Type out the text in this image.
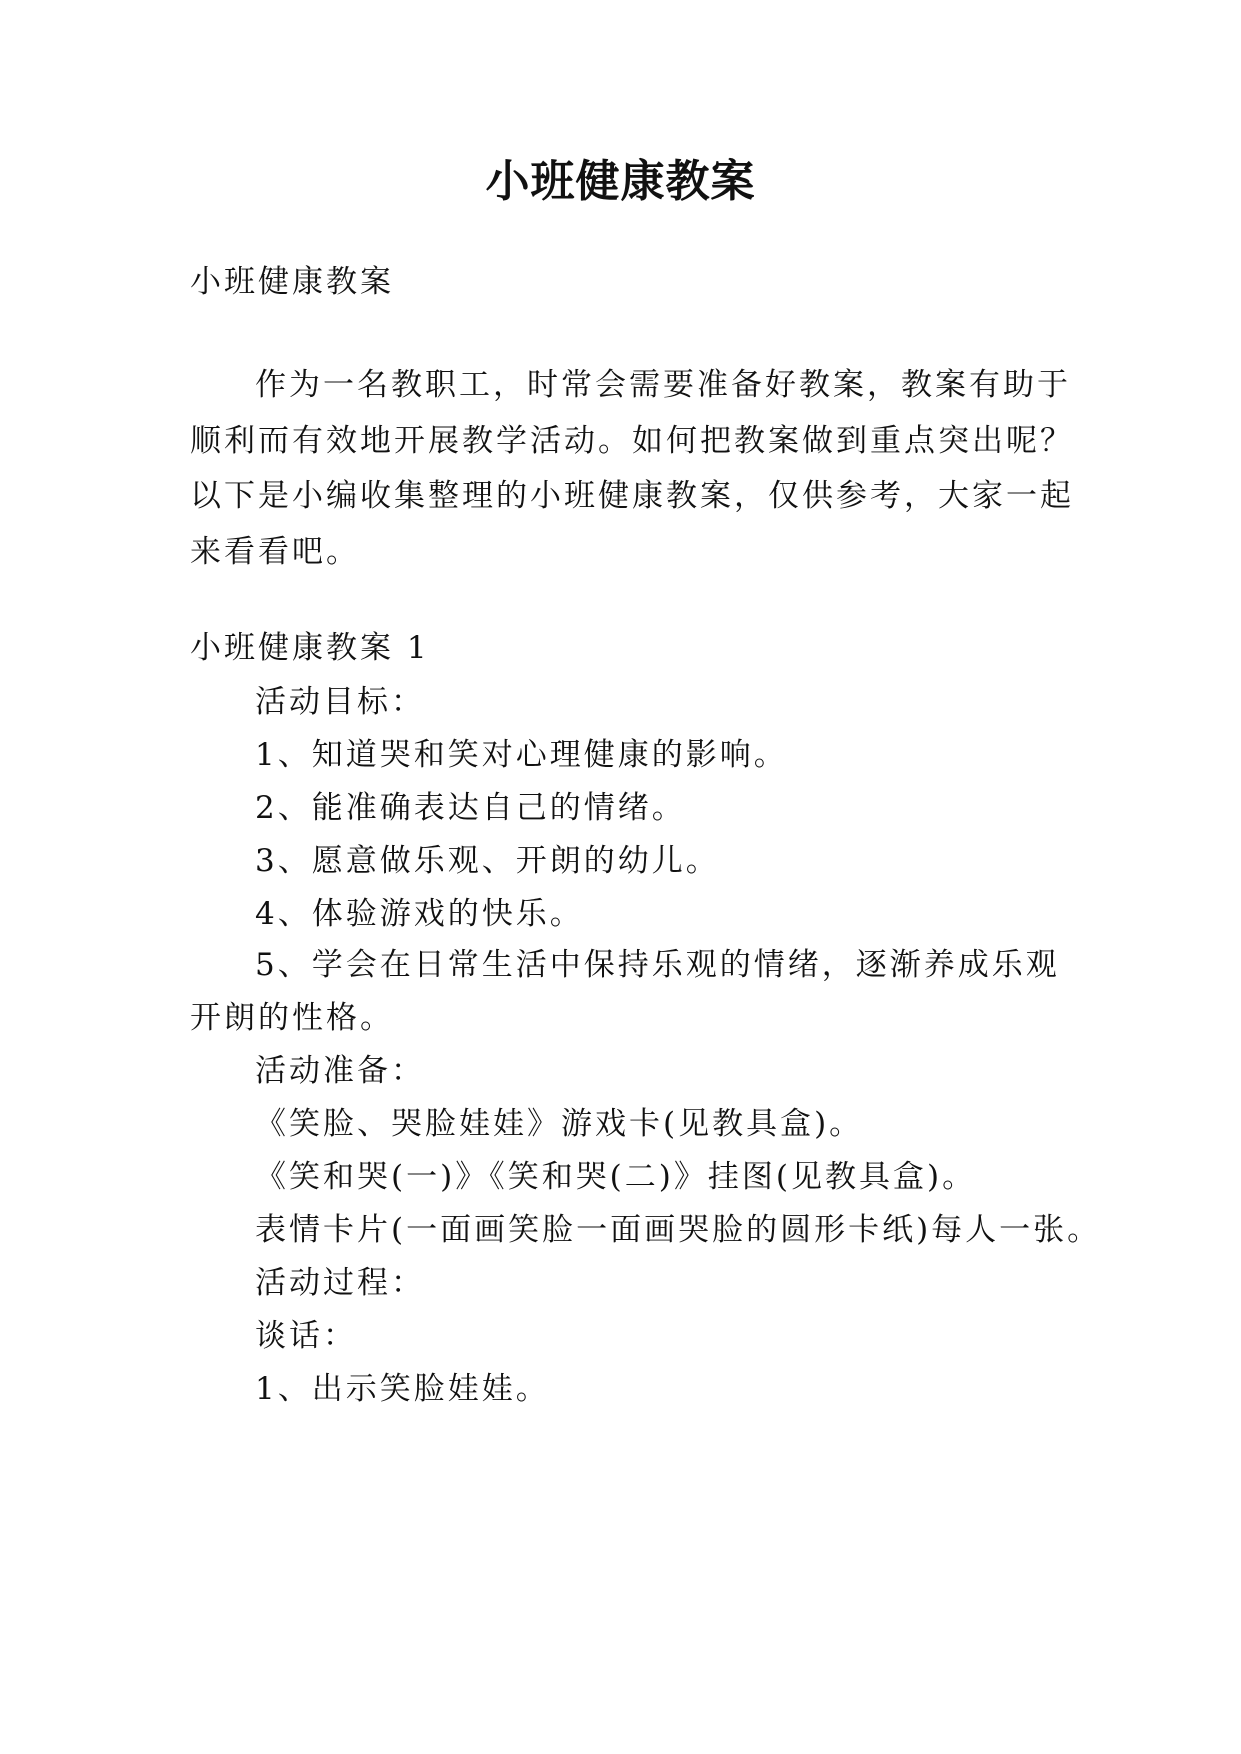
小班健康教案

小班健康教案

作为一名教职工，时常会需要准备好教案，教案有助于

顺利而有效地开展教学活动。如何把教案做到重点突出呢？

以下是小编收集整理的小班健康教案，仅供参考，大家一起

来看看吧。

小班健康教案 1

活动目标：

1、知道哭和笑对心理健康的影响。

2、能准确表达自己的情绪。

3、愿意做乐观、开朗的幼儿。

4、体验游戏的快乐。

5、学会在日常生活中保持乐观的情绪，逐渐养成乐观

开朗的性格。

活动准备：

《笑脸、哭脸娃娃》游戏卡(见教具盒)。

《笑和哭(一)》《笑和哭(二)》挂图(见教具盒)。

表情卡片(一面画笑脸一面画哭脸的圆形卡纸)每人一张。

活动过程：

谈话：

1、出示笑脸娃娃。
